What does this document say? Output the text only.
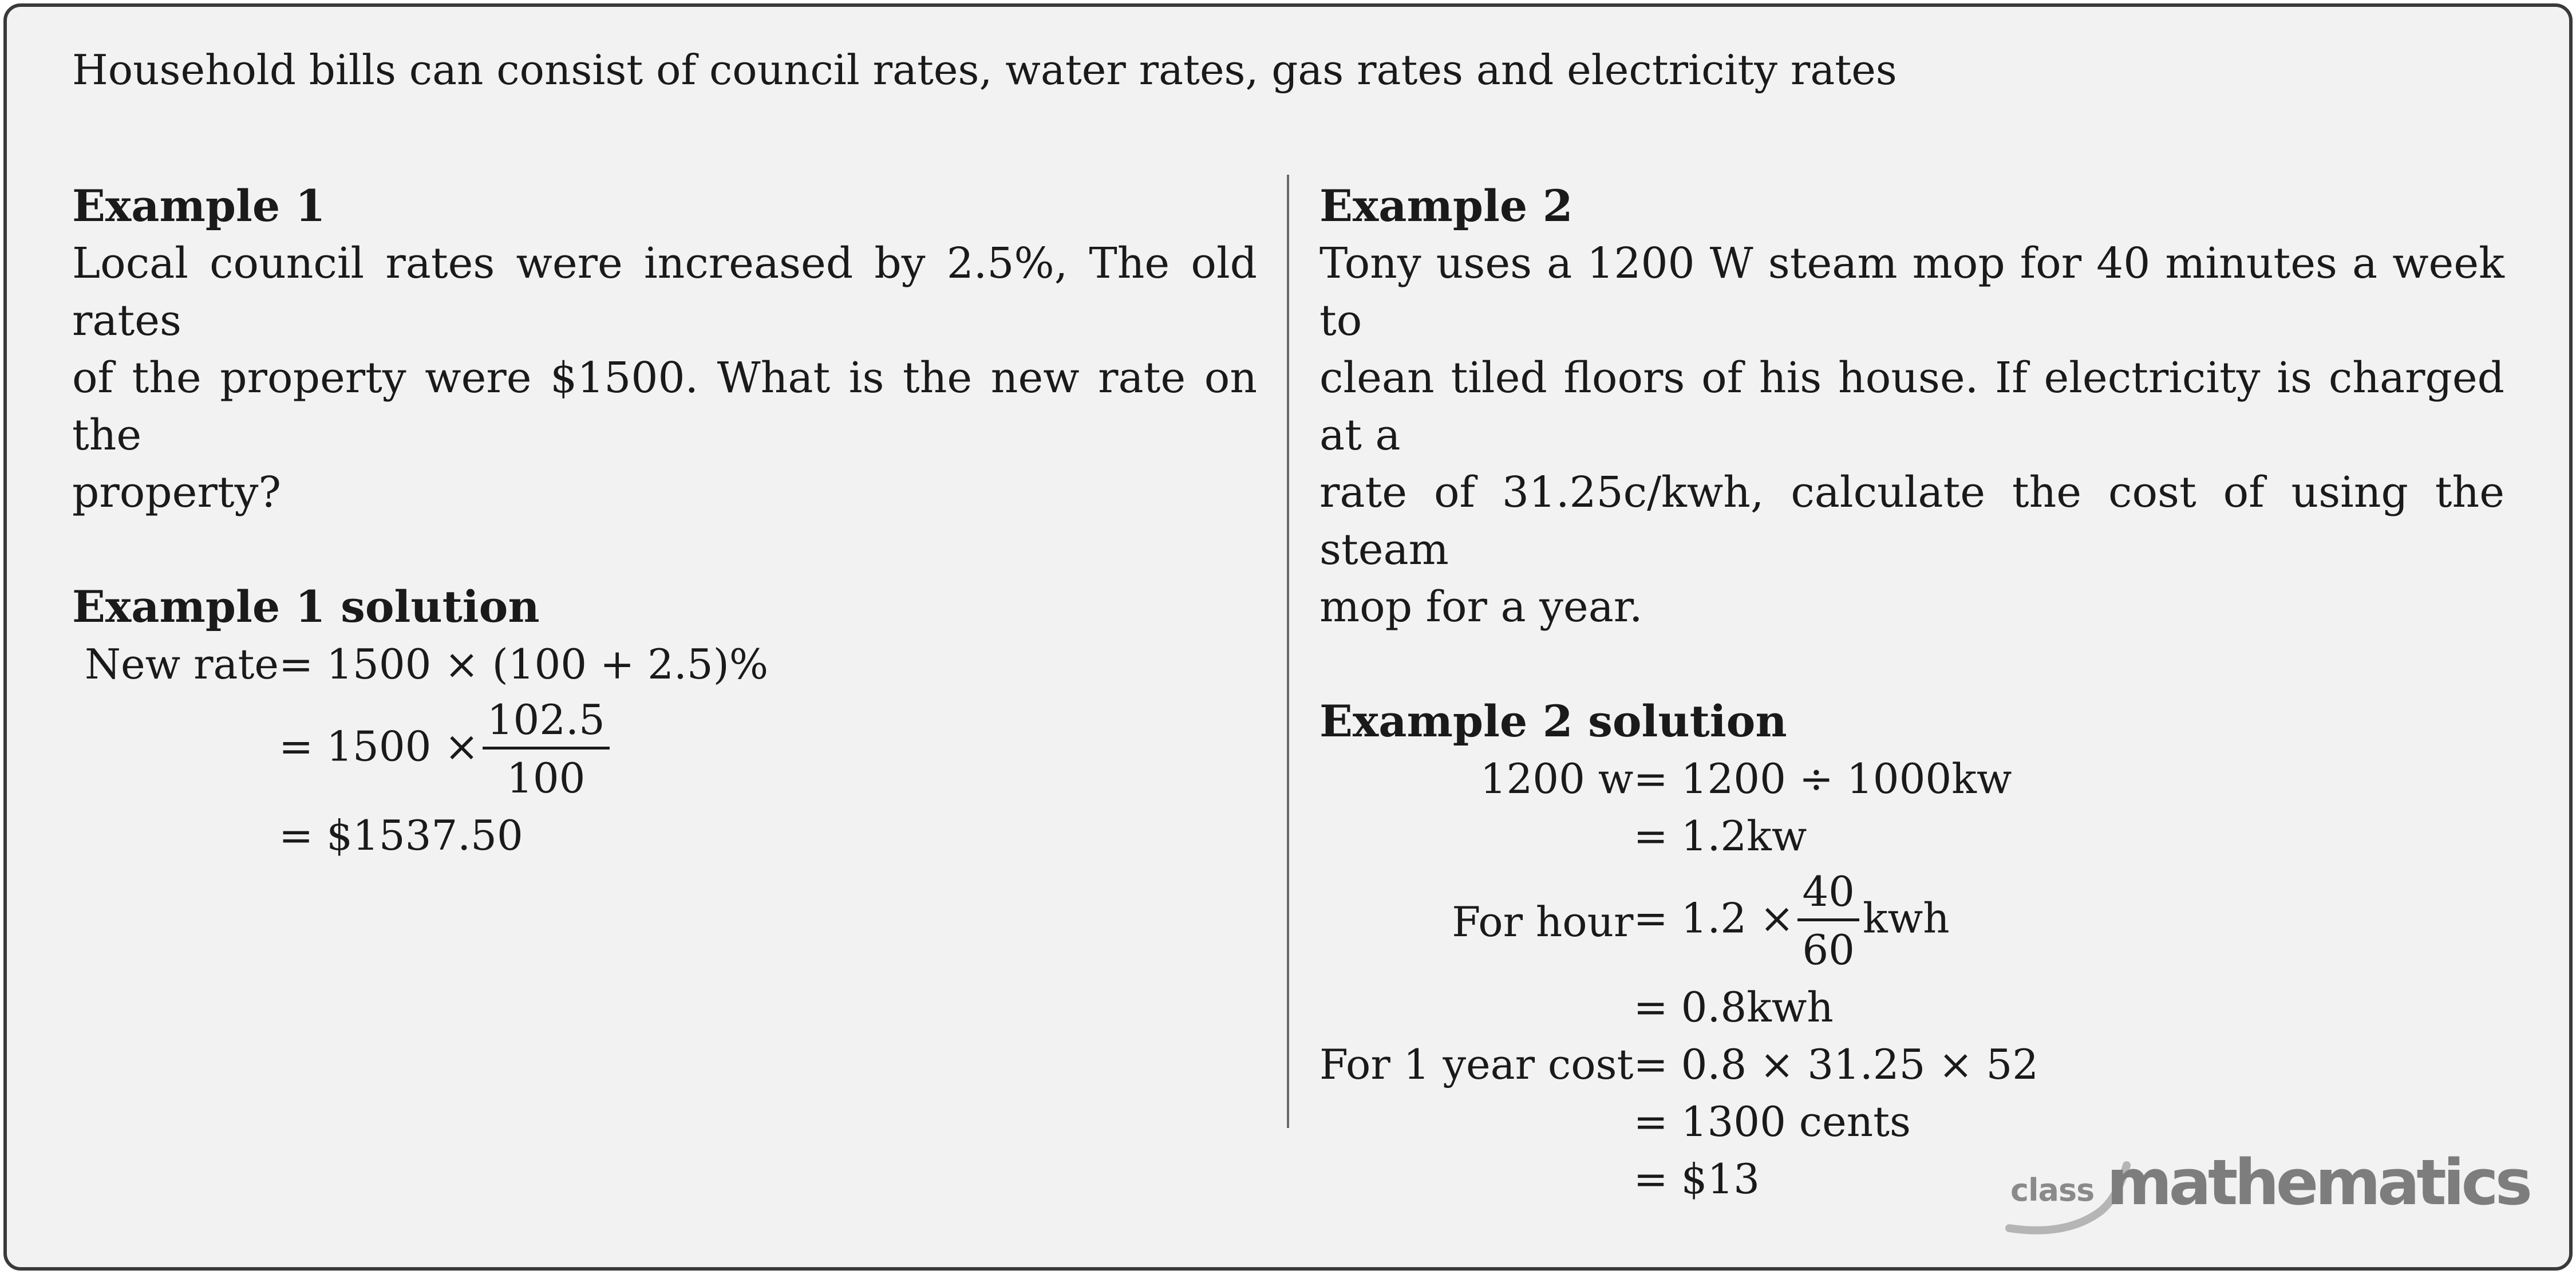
Household bills can consist of council rates, water rates, gas rates and electricity rates
Example 1

Local council rates were increased by 2.5%, The old rates

of the property were $1500. What is the new rate on the

property?

Example 1 solution
New rate	= 1500 × (100 + 2.5)%
	= $1500 \times \frac{102.5}{100}$

	= $1537.50
Example 2

Tony uses a 1200 W steam mop for 40 minutes a week to

clean tiled floors of his house. If electricity is charged at a

rate of 31.25c/kwh, calculate the cost of using the steam

mop for a year.

Example 2 solution
1200 w	= 1200 ÷ 1000kw
	= 1.2kw
For hour	= $1.2 \times \frac{40}{60}$ kwh
	= 0.8kwh
For 1 year cost	= 0.8 × 31.25 × 52
	= 1300 cents
	= $13	class mathematics
